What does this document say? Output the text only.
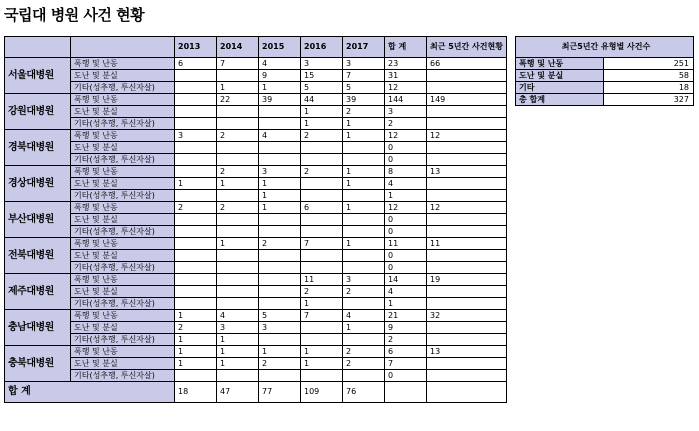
국립대 병원 사건 현황
		2013	2014	2015	2016	2017	합 계	최근 5년간 사건현황
서울대병원	폭행 및 난동	6	7	4	3	3	23	66
	도난 및 분실			9	15	7	31	
	기타(성추행, 투신자살)		1	1	5	5	12	
강원대병원	폭행 및 난동		22	39	44	39	144	149
	도난 및 분실				1	2	3	
	기타(성추행, 투신자살)				1	1	2	
경북대병원	폭행 및 난동	3	2	4	2	1	12	12
	도난 및 분실						0	
	기타(성추행, 투신자살)						0	
경상대병원	폭행 및 난동		2	3	2	1	8	13
	도난 및 분실	1	1	1		1	4	
	기타(성추행, 투신자살)			1			1	
부산대병원	폭행 및 난동	2	2	1	6	1	12	12
	도난 및 분실						0	
	기타(성추행, 투신자살)						0	
전북대병원	폭행 및 난동		1	2	7	1	11	11
	도난 및 분실						0	
	기타(성추행, 투신자살)						0	
제주대병원	폭행 및 난동				11	3	14	19
	도난 및 분실				2	2	4	
	기타(성추행, 투신자살)				1		1	
충남대병원	폭행 및 난동	1	4	5	7	4	21	32
	도난 및 분실	2	3	3		1	9	
	기타(성추행, 투신자살)	1	1				2	
충북대병원	폭행 및 난동	1	1	1	1	2	6	13
	도난 및 분실	1	1	2	1	2	7	
	기타(성추행, 투신자살)						0	
합 계		18	47	77	109	76		
최근5년간 유형별 사건수	
폭행 및 난동	251
도난 및 분실	58
기타	18
총 합계	327
